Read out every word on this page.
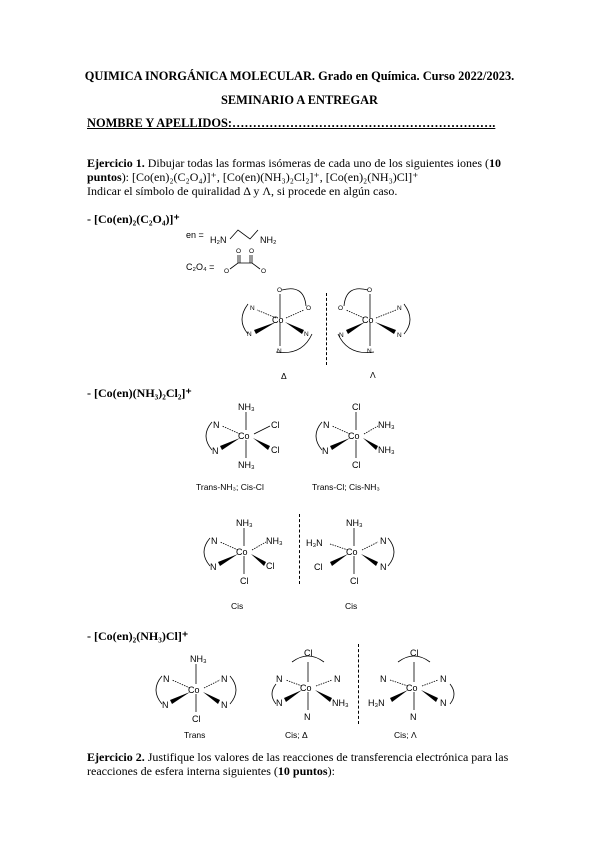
QUIMICA INORGÁNICA MOLECULAR. Grado en Química. Curso 2022/2023.
SEMINARIO A ENTREGAR
NOMBRE Y APELLIDOS:……………………………………………………….
Ejercicio 1. Dibujar todas las formas isómeras de cada uno de los siguientes iones (10
puntos): [Co(en)₂(C₂O₄)]⁺, [Co(en)(NH₃)₂Cl₂]⁺, [Co(en)₂(NH₃)Cl]⁺
Indicar el símbolo de quiralidad Δ y Λ, si procede en algún caso.
- [Co(en)₂(C₂O₄)]⁺
en = H₂N	NH₂
C₂O₄ = O	O
O O
Co
O
O
N
N	N
N
Δ
Co
O
O	N
N	N
N
Λ
- [Co(en)(NH₃)₂Cl₂]⁺
Co
NH₃
NH₃
Cl
Cl
N
N
Trans-NH₃; Cis-Cl
Co
Cl
Cl
NH₃
NH₃
N
N
Trans-Cl; Cis-NH₃
Co
NH₃
Cl
NH₃
Cl
N
N
Cis
Co
NH₃
Cl
H₃N
Cl
N
N
Cis
- [Co(en)₂(NH₃)Cl]⁺
Co
NH₃
Cl
N
N
N
N
Trans
Co
Cl
N	N
N	NH₃
N
Cis; Δ
Co
Cl
N	N
H₃N	N
N
Cis; Λ
Ejercicio 2. Justifique los valores de las reacciones de transferencia electrónica para las
reacciones de esfera interna siguientes (10 puntos):
